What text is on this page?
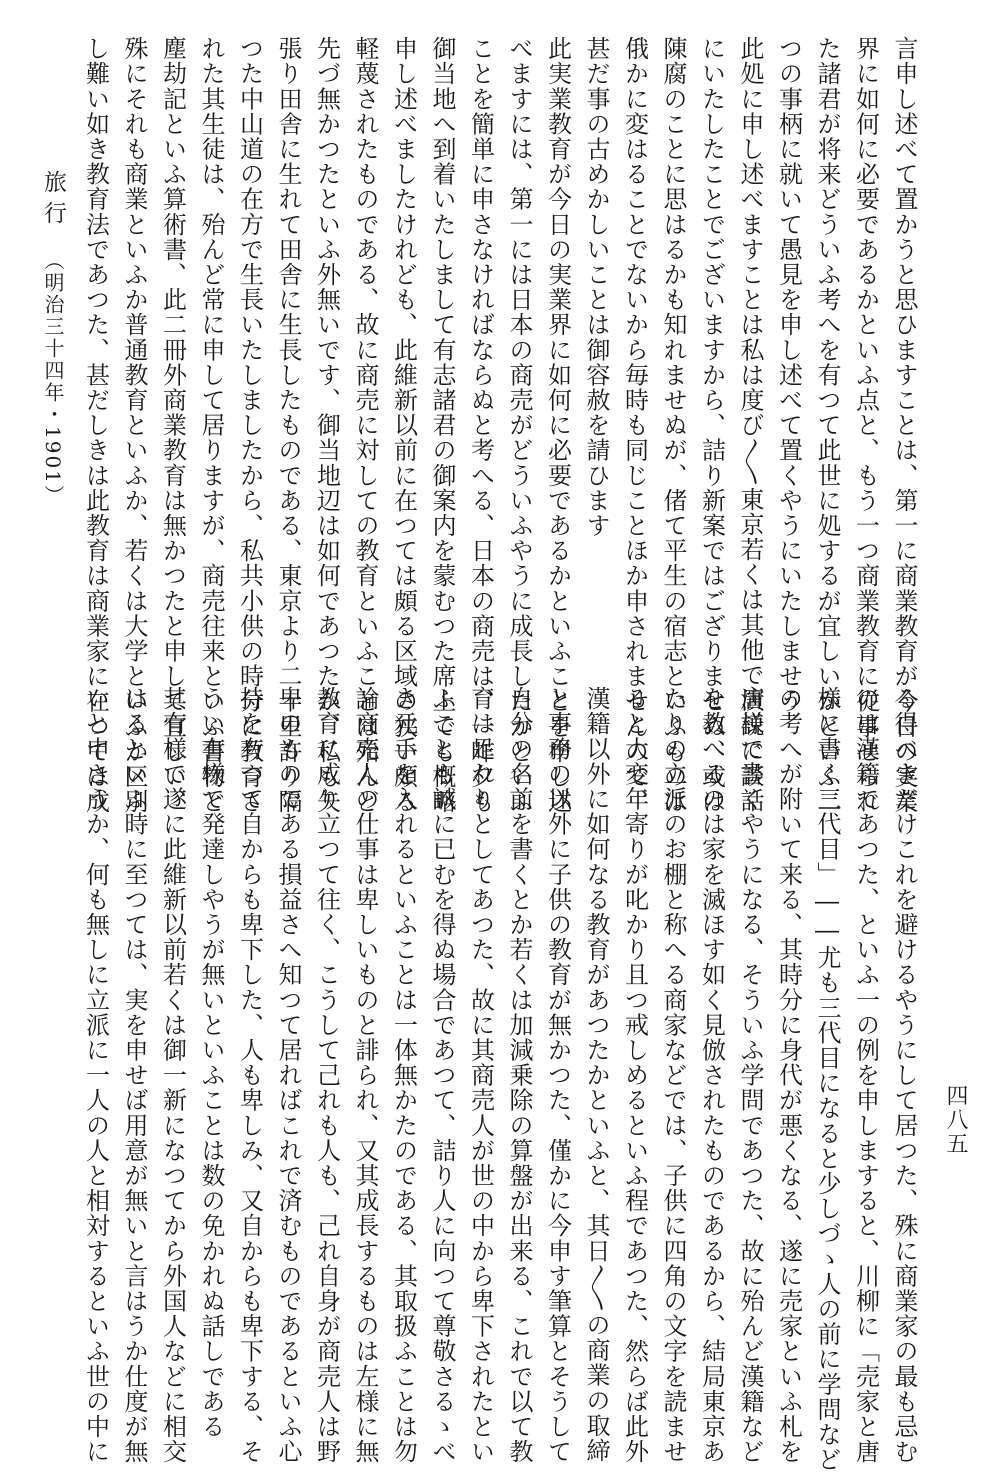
旅行
（明治三十四年・1901）
四八五
言申し述べて置かうと思ひますことは、第一に商業教育が今日の実業
界に如何に必要であるかといふ点と、もう一つ商業教育に従事せられ
た諸君が将来どういふ考へを有つて此世に処するが宜しいかといふ二
つの事柄に就いて愚見を申し述べて置くやうにいたしませう
此処に申し述べますことは私は度び〳〵東京若くは其他で演説に談話
にいたしたことでございますから、詰り新案ではござりませぬ、或は
陳腐のことに思はるかも知れませぬが、偖て平生の宿志といふものは
俄かに変はることでないから毎時も同じことほか申されませんので、
甚だ事の古めかしいことは御容赦を請ひます
此実業教育が今日の実業界に如何に必要であるかといふことを申し述
べますには、第一には日本の商売がどういふやうに成長したかといふ
ことを簡単に申さなければならぬと考へる、日本の商売は、一昨夕も
御当地へ到着いたしまして有志諸君の御案内を蒙むつた席上でも概略
申し述べましたけれども、此維新以前に在つては頗る区域の狭い頗る
軽蔑されたものである、故に商売に対しての教育といふことは殆んど
先づ無かつたといふ外無いです、御当地辺は如何であつたか、私も矢
張り田舎に生れて田舎に生長したものである、東京より二十里許り隔
つた中山道の在方で生長いたしましたから、私共小供の時分に教育さ
れた其生徒は、殆んど常に申して居りますが、商売往来といふ書物と
塵劫記といふ算術書、此二冊外商業教育は無かつたと申して宜しい、
殊にそれも商業といふか普通教育といふか、若くは大学といふか区別
し難い如き教育法であつた、甚だしきは此教育は商業家に在つては成
る得べきだけこれを避けるやうにして居つた、殊に商業家の最も忌む
のは漢籍であつた、といふ一の例を申しますると、川柳に「売家と唐
様に書く三代目」――尤も三代目になると少しづゝ人の前に学問など
の考へが附いて来る、其時分に身代が悪くなる、遂に売家といふ札を
唐様で書くやうになる、そういふ学問であつた、故に殆んど漢籍など
を教へるのは家を滅ほす如く見倣されたものであるから、結局東京あ
たりの立派のお棚と称へる商家などでは、子供に四角の文字を読ませ
ると大変年寄りが叱かり且つ戒しめるといふ程であつた、然らば此外
漢籍以外に如何なる教育があつたかといふと、其日〳〵の商業の取締
と事務の以外に子供の教育が無かつた、僅かに今申す筆算とそうして
自分の名前を書くとか若くは加減乗除の算盤が出来る、これで以て教
育は足れりとしてあつた、故に其商売人が世の中から卑下されたとい
ふことも誠に已むを得ぬ場合であつて、詰り人に向つて尊敬さるゝべ
き元手を入れるといふことは一体無かたのである、其取扱ふことは勿
論商売人の仕事は卑しいものと誹られ、又其成長するものは左様に無
教育に成り立つて往く、こうして己れも人も、己れ自身が商売人は野
卑のものである損益さへ知つて居ればこれで済むものであるといふ心
持を有つて自からも卑下した、人も卑しみ、又自からも卑下する、そ
うい有様で発達しやうが無いといふことは数の免かれぬ話しである
其有様で遂に此維新以前若くは御一新になつてから外国人などに相交
はるといふ時に至つては、実を申せば用意が無いと言はうか仕度が無
いと申さうか、何も無しに立派に一人の人と相対するといふ世の中に
